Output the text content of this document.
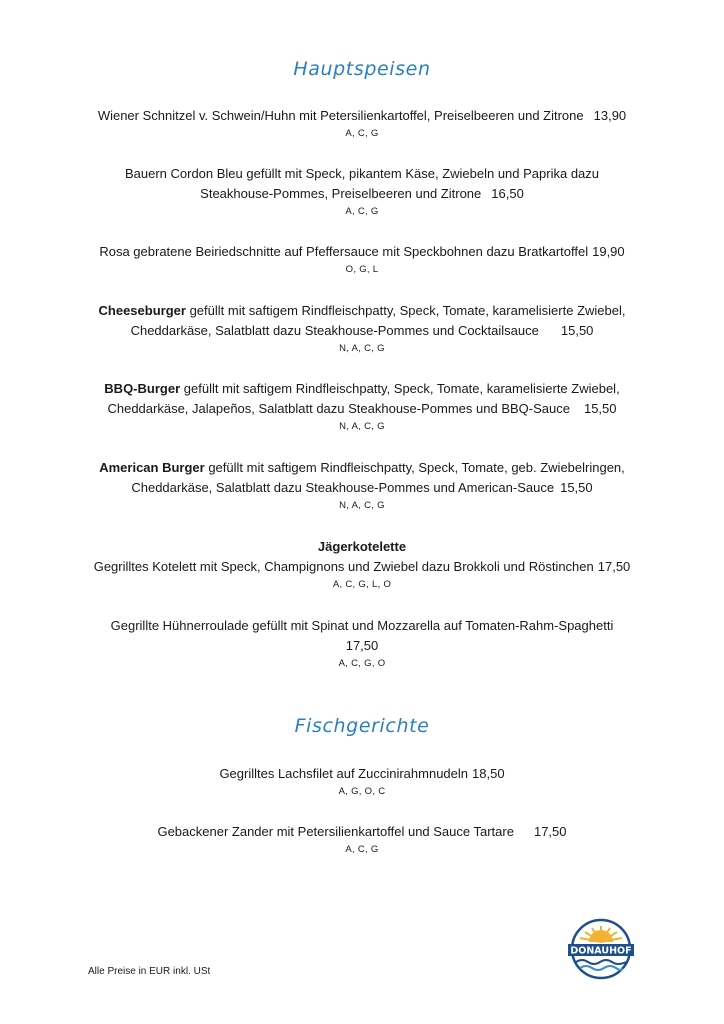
Hauptspeisen
Wiener Schnitzel v. Schwein/Huhn mit Petersilienkartoffel, Preiselbeeren und Zitrone 13,90
A, C, G
Bauern Cordon Bleu gefüllt mit Speck, pikantem Käse, Zwiebeln und Paprika dazu
Steakhouse-Pommes, Preiselbeeren und Zitrone 16,50
A, C, G
Rosa gebratene Beiriedschnitte auf Pfeffersauce mit Speckbohnen dazu Bratkartoffel 19,90
O, G, L
Cheeseburger gefüllt mit saftigem Rindfleischpatty, Speck, Tomate, karamelisierte Zwiebel,
Cheddarkäse, Salatblatt dazu Steakhouse-Pommes und Cocktailsauce 15,50
N, A, C, G
BBQ-Burger gefüllt mit saftigem Rindfleischpatty, Speck, Tomate, karamelisierte Zwiebel,
Cheddarkäse, Jalapeños, Salatblatt dazu Steakhouse-Pommes und BBQ-Sauce 15,50
N, A, C, G
American Burger gefüllt mit saftigem Rindfleischpatty, Speck, Tomate, geb. Zwiebelringen,
Cheddarkäse, Salatblatt dazu Steakhouse-Pommes und American-Sauce 15,50
N, A, C, G
Jägerkotelette
Gegrilltes Kotelett mit Speck, Champignons und Zwiebel dazu Brokkoli und Röstinchen 17,50
A, C, G, L, O
Gegrillte Hühnerroulade gefüllt mit Spinat und Mozzarella auf Tomaten-Rahm-Spaghetti
17,50
A, C, G, O
Fischgerichte
Gegrilltes Lachsfilet auf Zuccinirahmnudeln 18,50
A, G, O, C
Gebackener Zander mit Petersilienkartoffel und Sauce Tartare 17,50
A, C, G
Alle Preise in EUR inkl. USt
DONAUHOF
